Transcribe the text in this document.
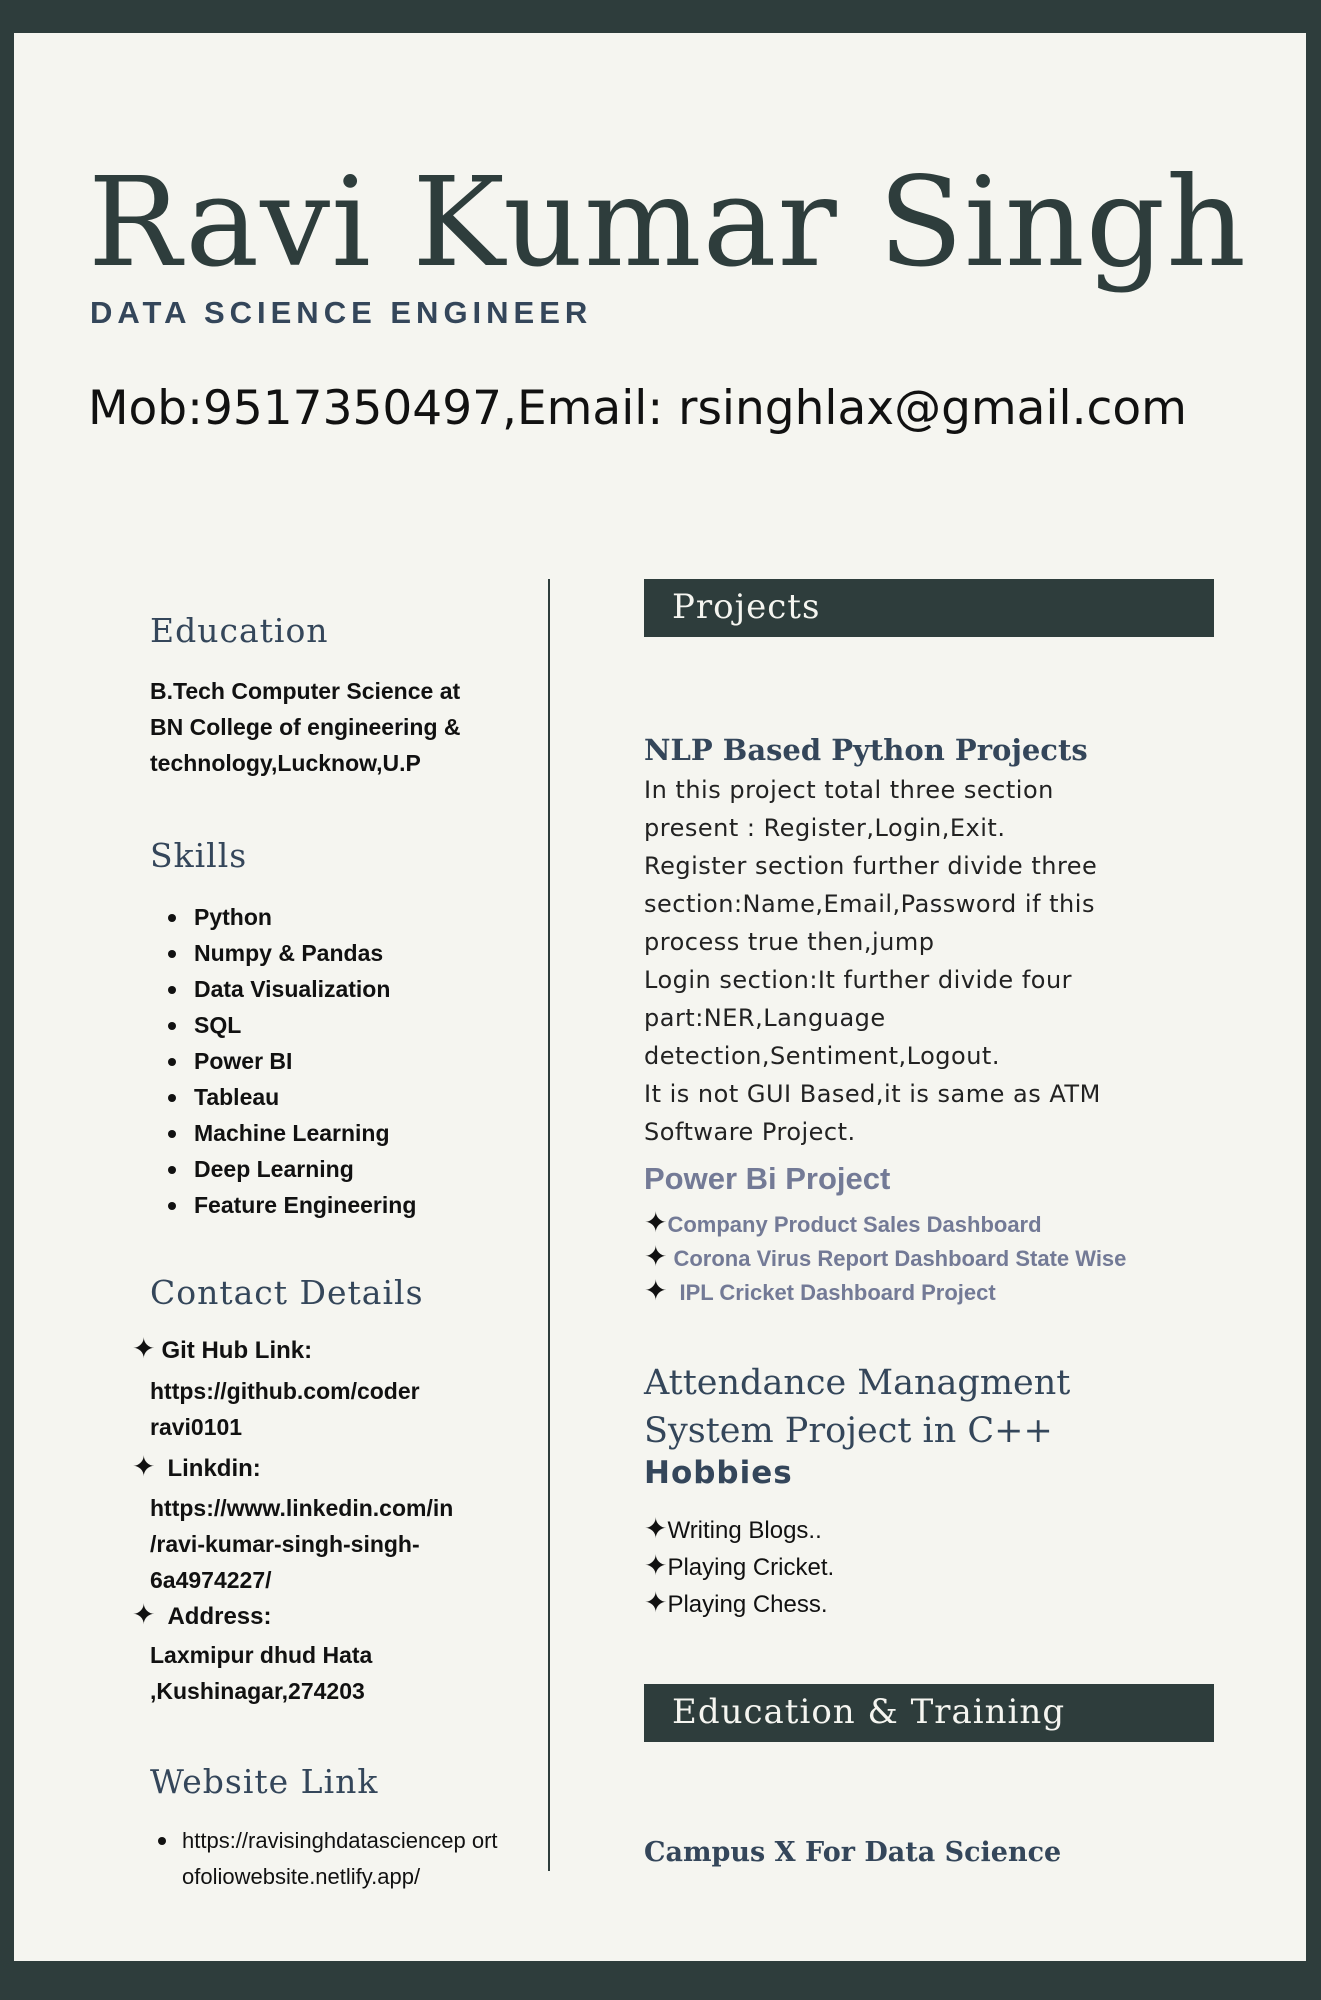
Ravi Kumar Singh
DATA SCIENCE ENGINEER
Mob:9517350497,Email: rsinghlax@gmail.com
Education
B.Tech Computer Science at
BN College of engineering &
technology,Lucknow,U.P
Skills
Python
Numpy & Pandas
Data Visualization
SQL
Power BI
Tableau
Machine Learning
Deep Learning
Feature Engineering
Contact Details
✦ Git Hub Link:
https://github.com/coder
ravi0101
✦ Linkdin:
https://www.linkedin.com/in
/ravi-kumar-singh-singh-
6a4974227/
✦ Address:
Laxmipur dhud Hata
,Kushinagar,274203
Website Link
https://ravisinghdatasciencep ortofoliowebsite.netlify.app/
Projects
NLP Based Python Projects
In this project total three section
present : Register,Login,Exit.
Register section further divide three
section:Name,Email,Password if this
process true then,jump
Login section:It further divide four
part:NER,Language
detection,Sentiment,Logout.
It is not GUI Based,it is same as ATM
Software Project.
Power Bi Project
✦Company Product Sales Dashboard
✦ Corona Virus Report Dashboard State Wise
✦ IPL Cricket Dashboard Project
Attendance Managment
System Project in C++
Hobbies
✦Writing Blogs..
✦Playing Cricket.
✦Playing Chess.
Education & Training
Campus X For Data Science
